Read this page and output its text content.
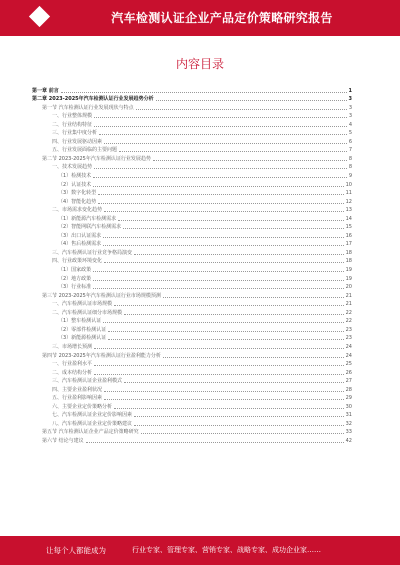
汽车检测认证企业产品定价策略研究报告
内容目录
第一章 前言	1
第二章 2023-2025年汽车检测认证行业发展趋势分析	3
第一节 汽车检测认证行业发展现状与特点	3
一、行业整体规模	3
二、行业结构特征	4
三、行业集中度分析	5
四、行业发展驱动因素	6
五、行业发展面临的主要问题	7
第二节 2023-2025年汽车检测认证行业发展趋势	8
一、技术发展趋势	8
（1）检测技术	9
（2）认证技术	10
（3）数字化转型	11
（4）智能化趋势	12
二、市场需求变化趋势	13
（1）新能源汽车检测需求	14
（2）智能网联汽车检测需求	15
（3）出口认证需求	16
（4）售后检测需求	17
三、汽车检测认证行业竞争格局演变	18
四、行业政策环境变化	18
（1）国家政策	19
（2）地方政策	19
（3）行业标准	20
第三节 2023-2025年汽车检测认证行业市场规模预测	21
一、汽车检测认证市场规模	21
二、汽车检测认证细分市场规模	22
（1）整车检测认证	22
（2）零部件检测认证	23
（3）新能源检测认证	23
三、市场增长预测	24
第四节 2023-2025年汽车检测认证行业盈利能力分析	24
一、行业盈利水平	25
二、成本结构分析	26
三、汽车检测认证企业盈利模式	27
四、主要企业盈利状况	28
五、行业盈利影响因素	29
六、主要企业定价策略分析	30
七、汽车检测认证企业定价影响因素	31
八、汽车检测认证企业定价策略建议	32
第五节 汽车检测认证企业产品定价策略研究	33
第六节 结论与建议	42
让每个人都能成为	行业专家、管理专家、营销专家、战略专家、成功企业家……
